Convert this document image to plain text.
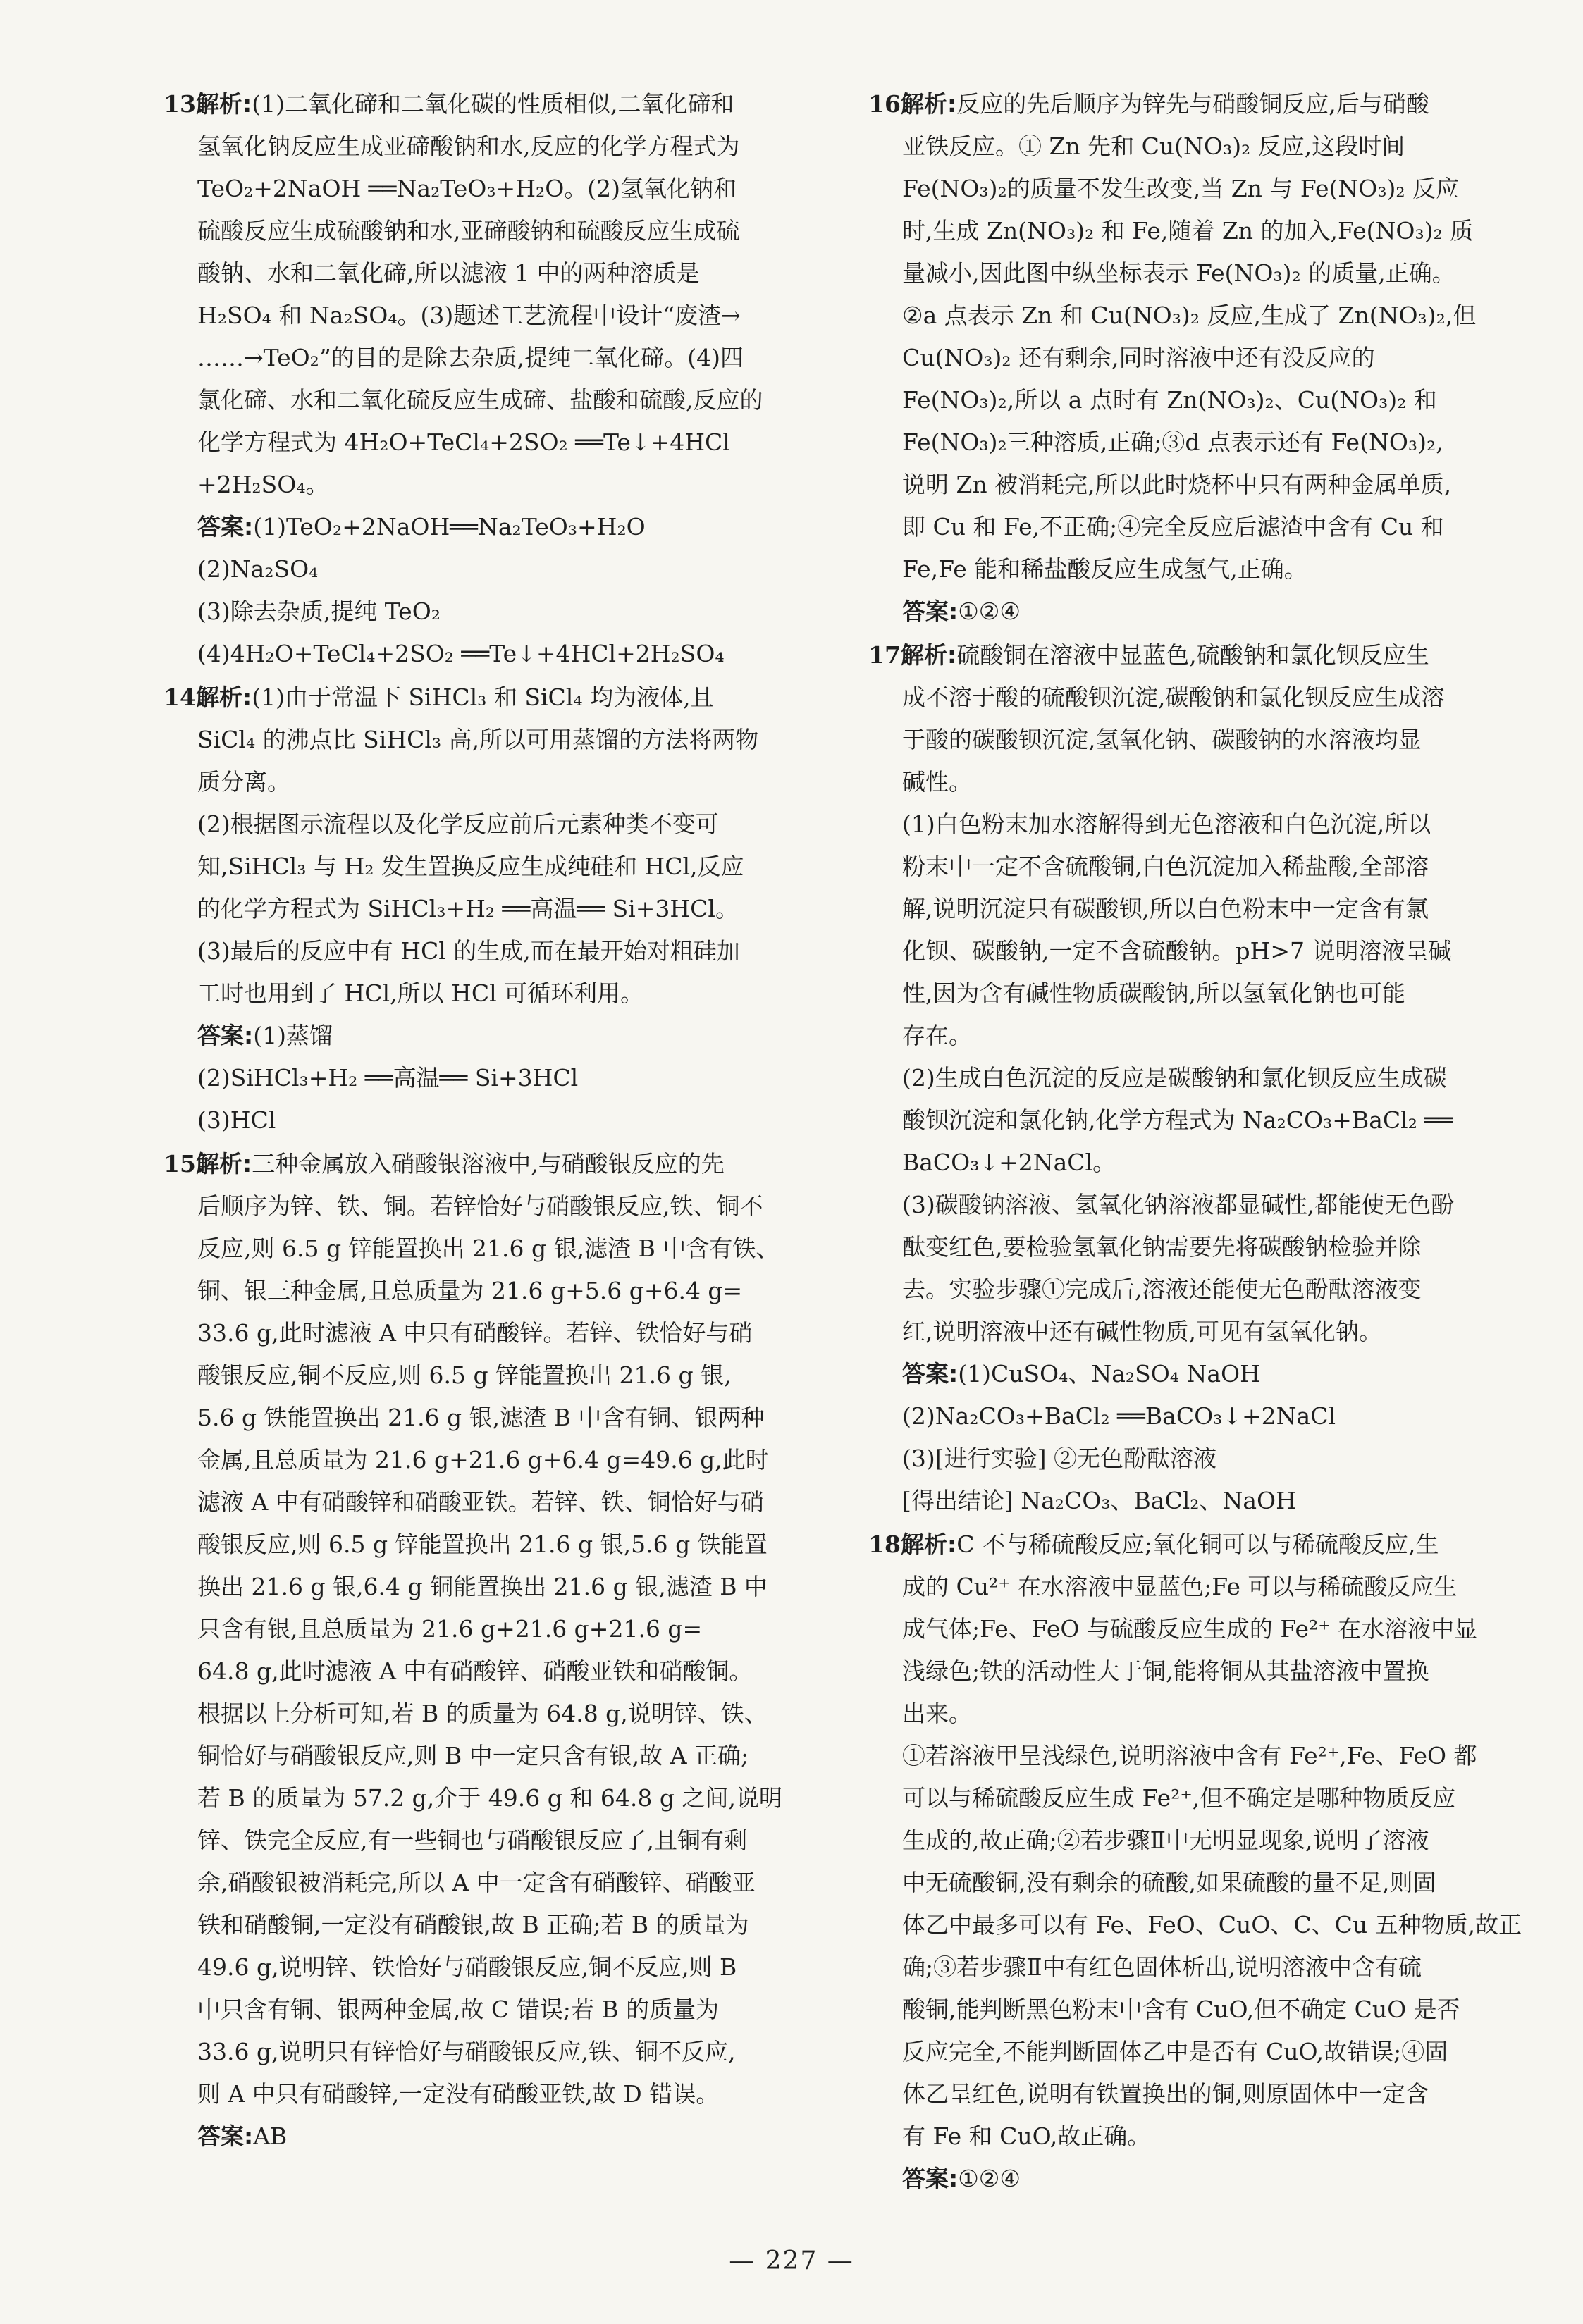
13.解析:(1)二氧化碲和二氧化碳的性质相似,二氧化碲和
氢氧化钠反应生成亚碲酸钠和水,反应的化学方程式为
TeO₂+2NaOH ══Na₂TeO₃+H₂O。(2)氢氧化钠和
硫酸反应生成硫酸钠和水,亚碲酸钠和硫酸反应生成硫
酸钠、水和二氧化碲,所以滤液 1 中的两种溶质是
H₂SO₄ 和 Na₂SO₄。(3)题述工艺流程中设计“废渣→
……→TeO₂”的目的是除去杂质,提纯二氧化碲。(4)四
氯化碲、水和二氧化硫反应生成碲、盐酸和硫酸,反应的
化学方程式为 4H₂O+TeCl₄+2SO₂ ══Te↓+4HCl
+2H₂SO₄。
答案:(1)TeO₂+2NaOH══Na₂TeO₃+H₂O
(2)Na₂SO₄
(3)除去杂质,提纯 TeO₂
(4)4H₂O+TeCl₄+2SO₂ ══Te↓+4HCl+2H₂SO₄
14.解析:(1)由于常温下 SiHCl₃ 和 SiCl₄ 均为液体,且
SiCl₄ 的沸点比 SiHCl₃ 高,所以可用蒸馏的方法将两物
质分离。
(2)根据图示流程以及化学反应前后元素种类不变可
知,SiHCl₃ 与 H₂ 发生置换反应生成纯硅和 HCl,反应
的化学方程式为 SiHCl₃+H₂ ══高温══ Si+3HCl。
(3)最后的反应中有 HCl 的生成,而在最开始对粗硅加
工时也用到了 HCl,所以 HCl 可循环利用。
答案:(1)蒸馏
(2)SiHCl₃+H₂ ══高温══ Si+3HCl
(3)HCl
15.解析:三种金属放入硝酸银溶液中,与硝酸银反应的先
后顺序为锌、铁、铜。若锌恰好与硝酸银反应,铁、铜不
反应,则 6.5 g 锌能置换出 21.6 g 银,滤渣 B 中含有铁、
铜、银三种金属,且总质量为 21.6 g+5.6 g+6.4 g=
33.6 g,此时滤液 A 中只有硝酸锌。若锌、铁恰好与硝
酸银反应,铜不反应,则 6.5 g 锌能置换出 21.6 g 银,
5.6 g 铁能置换出 21.6 g 银,滤渣 B 中含有铜、银两种
金属,且总质量为 21.6 g+21.6 g+6.4 g=49.6 g,此时
滤液 A 中有硝酸锌和硝酸亚铁。若锌、铁、铜恰好与硝
酸银反应,则 6.5 g 锌能置换出 21.6 g 银,5.6 g 铁能置
换出 21.6 g 银,6.4 g 铜能置换出 21.6 g 银,滤渣 B 中
只含有银,且总质量为 21.6 g+21.6 g+21.6 g=
64.8 g,此时滤液 A 中有硝酸锌、硝酸亚铁和硝酸铜。
根据以上分析可知,若 B 的质量为 64.8 g,说明锌、铁、
铜恰好与硝酸银反应,则 B 中一定只含有银,故 A 正确;
若 B 的质量为 57.2 g,介于 49.6 g 和 64.8 g 之间,说明
锌、铁完全反应,有一些铜也与硝酸银反应了,且铜有剩
余,硝酸银被消耗完,所以 A 中一定含有硝酸锌、硝酸亚
铁和硝酸铜,一定没有硝酸银,故 B 正确;若 B 的质量为
49.6 g,说明锌、铁恰好与硝酸银反应,铜不反应,则 B
中只含有铜、银两种金属,故 C 错误;若 B 的质量为
33.6 g,说明只有锌恰好与硝酸银反应,铁、铜不反应,
则 A 中只有硝酸锌,一定没有硝酸亚铁,故 D 错误。
答案:AB
16.解析:反应的先后顺序为锌先与硝酸铜反应,后与硝酸
亚铁反应。① Zn 先和 Cu(NO₃)₂ 反应,这段时间
Fe(NO₃)₂的质量不发生改变,当 Zn 与 Fe(NO₃)₂ 反应
时,生成 Zn(NO₃)₂ 和 Fe,随着 Zn 的加入,Fe(NO₃)₂ 质
量减小,因此图中纵坐标表示 Fe(NO₃)₂ 的质量,正确。
②a 点表示 Zn 和 Cu(NO₃)₂ 反应,生成了 Zn(NO₃)₂,但
Cu(NO₃)₂ 还有剩余,同时溶液中还有没反应的
Fe(NO₃)₂,所以 a 点时有 Zn(NO₃)₂、Cu(NO₃)₂ 和
Fe(NO₃)₂三种溶质,正确;③d 点表示还有 Fe(NO₃)₂,
说明 Zn 被消耗完,所以此时烧杯中只有两种金属单质,
即 Cu 和 Fe,不正确;④完全反应后滤渣中含有 Cu 和
Fe,Fe 能和稀盐酸反应生成氢气,正确。
答案:①②④
17.解析:硫酸铜在溶液中显蓝色,硫酸钠和氯化钡反应生
成不溶于酸的硫酸钡沉淀,碳酸钠和氯化钡反应生成溶
于酸的碳酸钡沉淀,氢氧化钠、碳酸钠的水溶液均显
碱性。
(1)白色粉末加水溶解得到无色溶液和白色沉淀,所以
粉末中一定不含硫酸铜,白色沉淀加入稀盐酸,全部溶
解,说明沉淀只有碳酸钡,所以白色粉末中一定含有氯
化钡、碳酸钠,一定不含硫酸钠。pH>7 说明溶液呈碱
性,因为含有碱性物质碳酸钠,所以氢氧化钠也可能
存在。
(2)生成白色沉淀的反应是碳酸钠和氯化钡反应生成碳
酸钡沉淀和氯化钠,化学方程式为 Na₂CO₃+BaCl₂ ══
BaCO₃↓+2NaCl。
(3)碳酸钠溶液、氢氧化钠溶液都显碱性,都能使无色酚
酞变红色,要检验氢氧化钠需要先将碳酸钠检验并除
去。实验步骤①完成后,溶液还能使无色酚酞溶液变
红,说明溶液中还有碱性物质,可见有氢氧化钠。
答案:(1)CuSO₄、Na₂SO₄ NaOH
(2)Na₂CO₃+BaCl₂ ══BaCO₃↓+2NaCl
(3)[进行实验] ②无色酚酞溶液
[得出结论] Na₂CO₃、BaCl₂、NaOH
18.解析:C 不与稀硫酸反应;氧化铜可以与稀硫酸反应,生
成的 Cu²⁺ 在水溶液中显蓝色;Fe 可以与稀硫酸反应生
成气体;Fe、FeO 与硫酸反应生成的 Fe²⁺ 在水溶液中显
浅绿色;铁的活动性大于铜,能将铜从其盐溶液中置换
出来。
①若溶液甲呈浅绿色,说明溶液中含有 Fe²⁺,Fe、FeO 都
可以与稀硫酸反应生成 Fe²⁺,但不确定是哪种物质反应
生成的,故正确;②若步骤Ⅱ中无明显现象,说明了溶液
中无硫酸铜,没有剩余的硫酸,如果硫酸的量不足,则固
体乙中最多可以有 Fe、FeO、CuO、C、Cu 五种物质,故正
确;③若步骤Ⅱ中有红色固体析出,说明溶液中含有硫
酸铜,能判断黑色粉末中含有 CuO,但不确定 CuO 是否
反应完全,不能判断固体乙中是否有 CuO,故错误;④固
体乙呈红色,说明有铁置换出的铜,则原固体中一定含
有 Fe 和 CuO,故正确。
答案:①②④
— 227 —
